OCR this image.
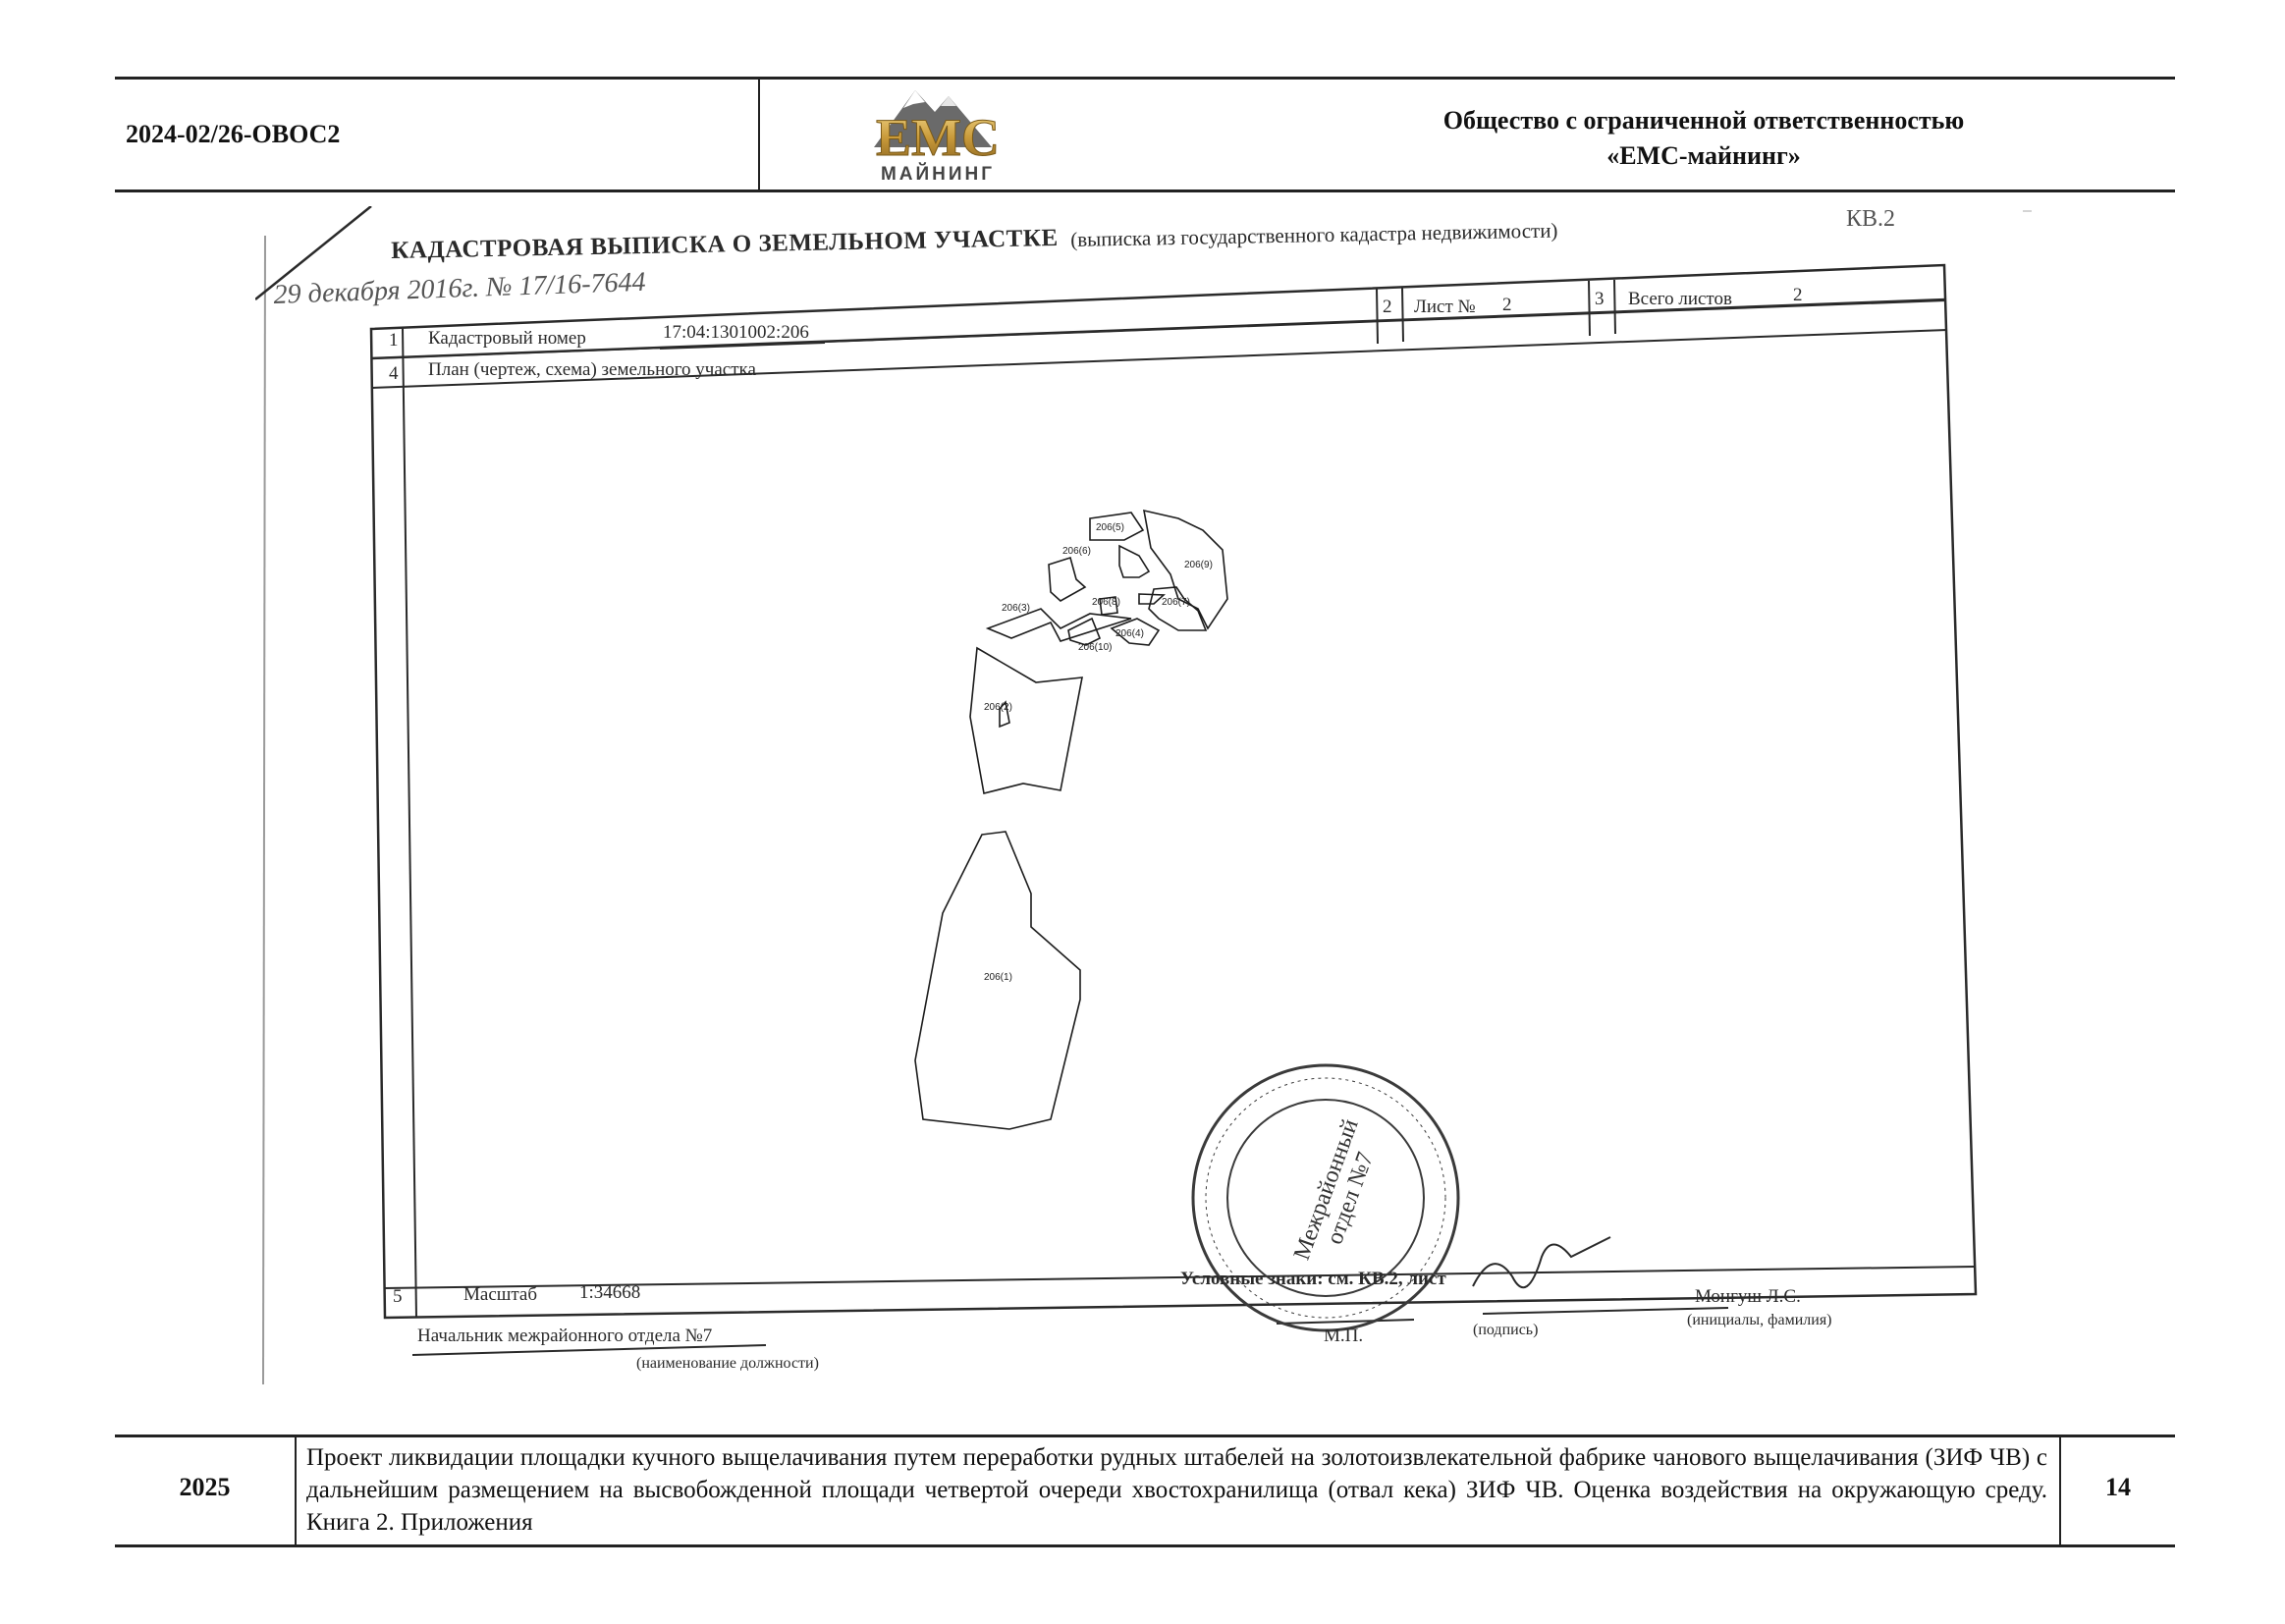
2024-02/26-ОВОС2	ЕМС
МАЙНИНГ
Общество с ограниченной ответственностью
«ЕМС-майнинг»
КВ.2
КАДАСТРОВАЯ ВЫПИСКА О ЗЕМЕЛЬНОМ УЧАСТКЕ (выписка из государственного кадастра недвижимости)
29 декабря 2016г. № 17/16-7644	2 Лист № 2	3 Всего листов	2
1 Кадастровый номер	17:04:1301002:206
4 План (чертеж, схема) земельного участка
206(1)
206(2)
206(3)
206(4)
206(5)
206(6)
206(7)
206(8)
206(9)
206(10)
Межрайонный отдел №7
5	Масштаб 1:34668
Условные знаки: см. КВ.2, лист
Начальник межрайонного отдела №7
(наименование должности)
М.П.	(подпись)
Монгуш Л.С.
(инициалы, фамилия)
2025
Проект ликвидации площадки кучного выщелачивания путем переработки рудных штабелей на золотоизвлекательной фабрике чанового выщелачивания (ЗИФ ЧВ) с дальнейшим размещением на высвобожденной площади четвертой очереди хвостохранилища (отвал кека) ЗИФ ЧВ. Оценка воздействия на окружающую среду. Книга 2. Приложения
14
